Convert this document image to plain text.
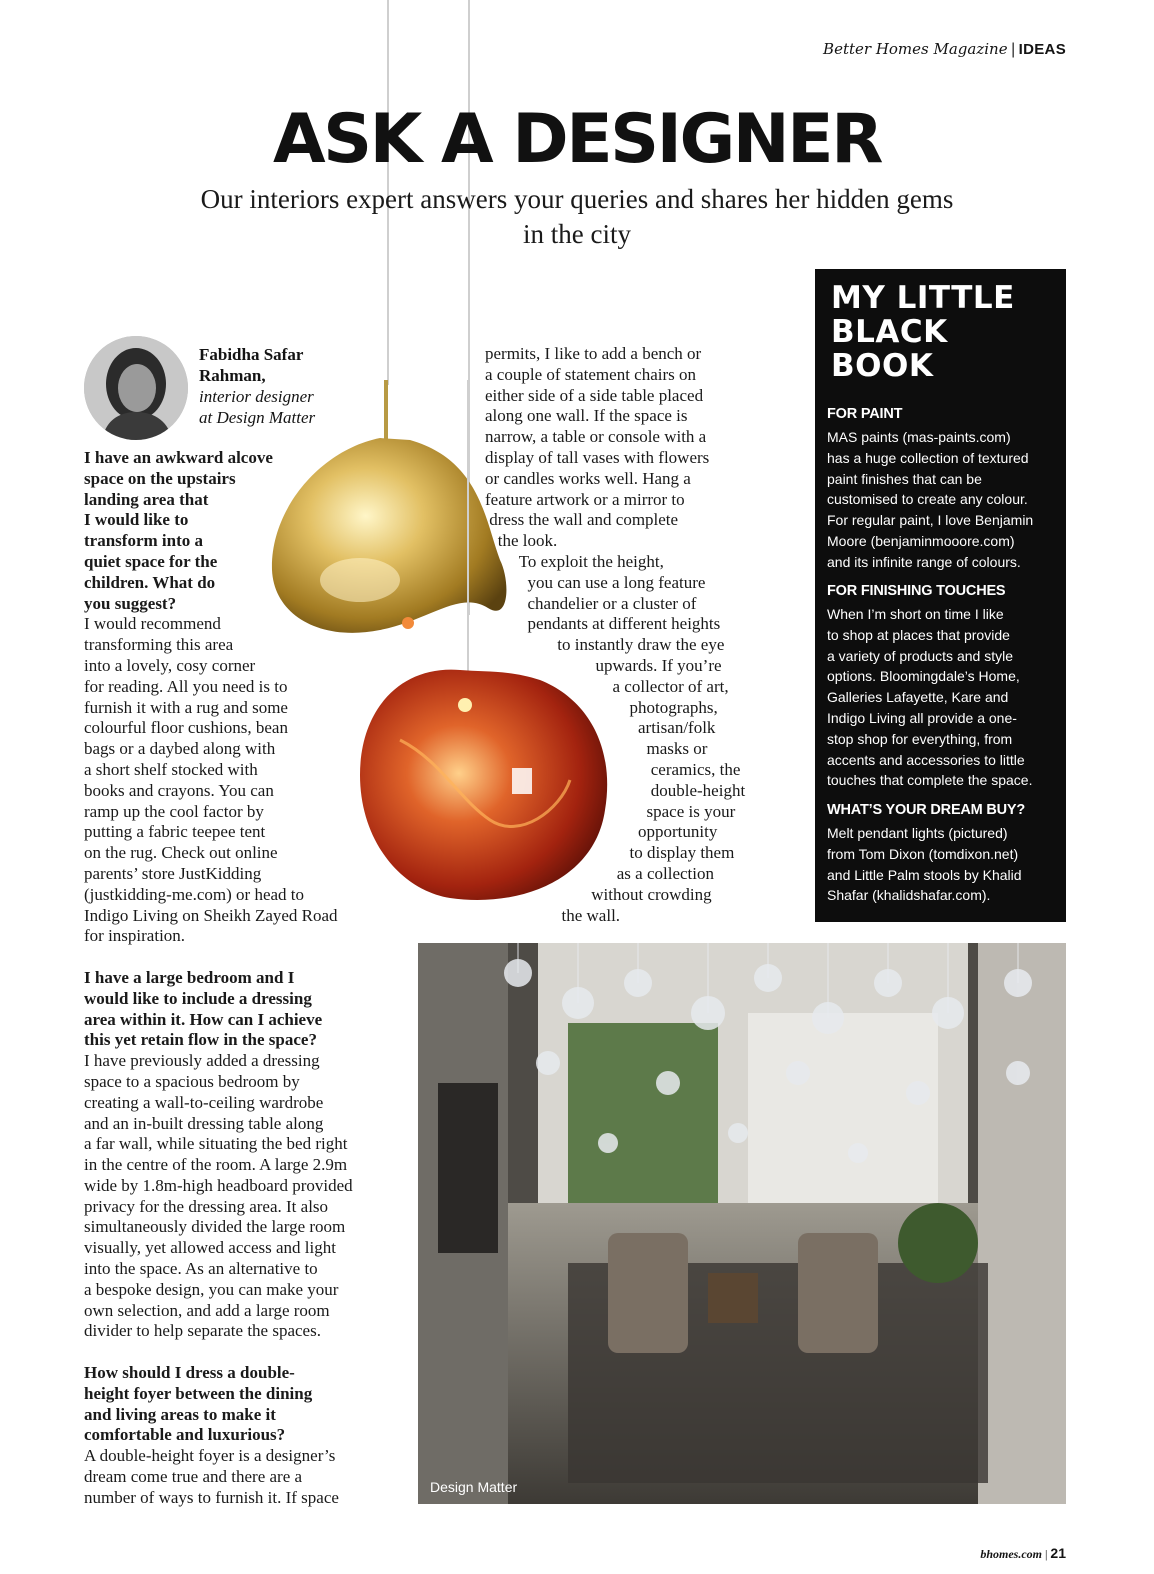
Better Homes Magazine | IDEAS
ASK A DESIGNER
Our interiors expert answers your queries and shares her hidden gems in the city
Fabidha Safar
Rahman,
interior designer
at Design Matter
I have an awkward alcove
space on the upstairs
landing area that
I would like to
transform into a
quiet space for the
children. What do
you suggest?
I would recommend
transforming this area
into a lovely, cosy corner
for reading. All you need is to
furnish it with a rug and some
colourful floor cushions, bean
bags or a daybed along with
a short shelf stocked with
books and crayons. You can
ramp up the cool factor by
putting a fabric teepee tent
on the rug. Check out online
parents’ store JustKidding
(justkidding-me.com) or head to
Indigo Living on Sheikh Zayed Road
for inspiration.

I have a large bedroom and I
would like to include a dressing
area within it. How can I achieve
this yet retain flow in the space?
I have previously added a dressing
space to a spacious bedroom by
creating a wall-to-ceiling wardrobe
and an in-built dressing table along
a far wall, while situating the bed right
in the centre of the room. A large 2.9m
wide by 1.8m-high headboard provided
privacy for the dressing area. It also
simultaneously divided the large room
visually, yet allowed access and light
into the space. As an alternative to
a bespoke design, you can make your
own selection, and add a large room
divider to help separate the spaces.

How should I dress a double-
height foyer between the dining
and living areas to make it
comfortable and luxurious?
A double-height foyer is a designer’s
dream come true and there are a
number of ways to furnish it. If space
permits, I like to add a bench or
a couple of statement chairs on
either side of a side table placed
along one wall. If the space is
narrow, a table or console with a
display of tall vases with flowers
or candles works well. Hang a
feature artwork or a mirror to
dress the wall and complete
the look.
To exploit the height,
you can use a long feature
chandelier or a cluster of
pendants at different heights
to instantly draw the eye
upwards. If you’re
a collector of art,
photographs,
artisan/folk
masks or
ceramics, the
double-height
space is your
opportunity
to display them
as a collection
without crowding
the wall.
MY LITTLE
BLACK
BOOK
FOR PAINT
MAS paints (mas-paints.com)
has a huge collection of textured
paint finishes that can be
customised to create any colour.
For regular paint, I love Benjamin
Moore (benjaminmooore.com)
and its infinite range of colours.
FOR FINISHING TOUCHES
When I’m short on time I like
to shop at places that provide
a variety of products and style
options. Bloomingdale’s Home,
Galleries Lafayette, Kare and
Indigo Living all provide a one-
stop shop for everything, from
accents and accessories to little
touches that complete the space.
WHAT’S YOUR DREAM BUY?
Melt pendant lights (pictured)
from Tom Dixon (tomdixon.net)
and Little Palm stools by Khalid
Shafar (khalidshafar.com).
Design Matter
bhomes.com | 21
